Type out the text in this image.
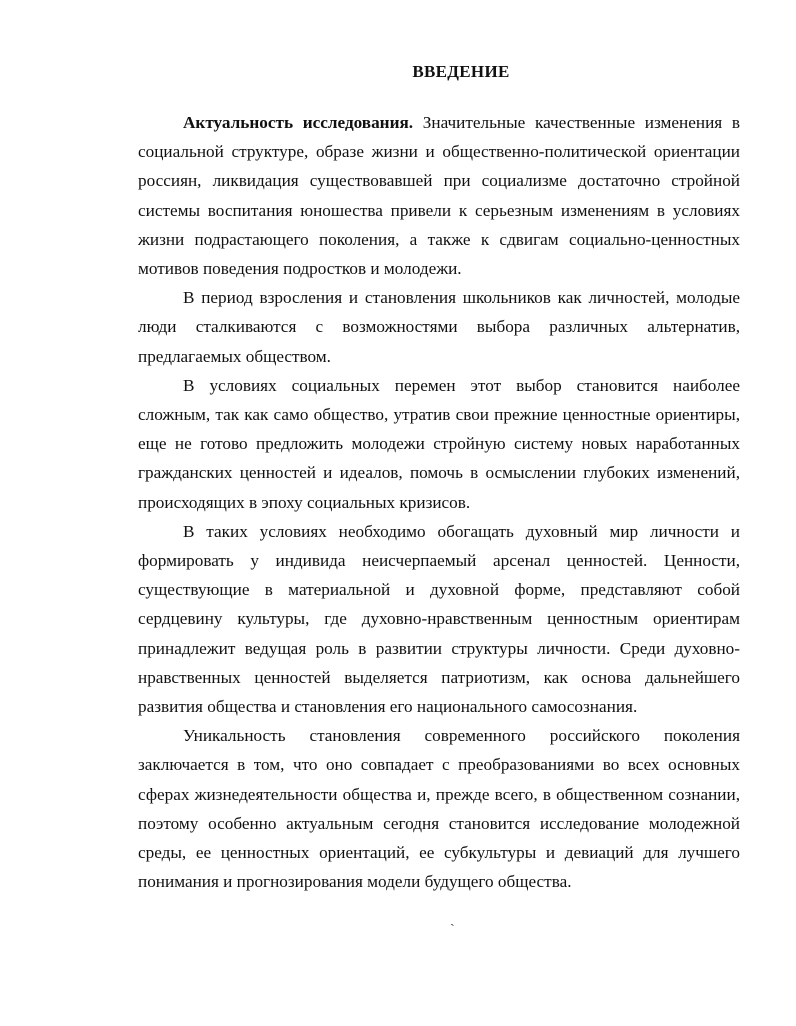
ВВЕДЕНИЕ

Актуальность исследования. Значительные качественные изменения в социальной структуре, образе жизни и общественно-политической ориентации россиян, ликвидация существовавшей при социализме достаточно стройной системы воспитания юношества привели к серьезным изменениям в условиях жизни подрастающего поколения, а также к сдвигам социально-ценностных мотивов поведения подростков и молодежи.

В период взросления и становления школьников как личностей, молодые люди сталкиваются с возможностями выбора различных альтернатив, предлагаемых обществом.

В условиях социальных перемен этот выбор становится наиболее сложным, так как само общество, утратив свои прежние ценностные ориентиры, еще не готово предложить молодежи стройную систему новых наработанных гражданских ценностей и идеалов, помочь в осмыслении глубоких изменений, происходящих в эпоху социальных кризисов.

В таких условиях необходимо обогащать духовный мир личности и формировать у индивида неисчерпаемый арсенал ценностей. Ценности, существующие в материальной и духовной форме, представляют собой сердцевину культуры, где духовно-нравственным ценностным ориентирам принадлежит ведущая роль в развитии структуры личности. Среди духовно-нравственных ценностей выделяется патриотизм, как основа дальнейшего развития общества и становления его национального самосознания.

Уникальность становления современного российского поколения заключается в том, что оно совпадает с преобразованиями во всех основных сферах жизнедеятельности общества и, прежде всего, в общественном сознании, поэтому особенно актуальным сегодня становится исследование молодежной среды, ее ценностных ориентаций, ее субкультуры и девиаций для лучшего понимания и прогнозирования модели будущего общества.

ˏ
